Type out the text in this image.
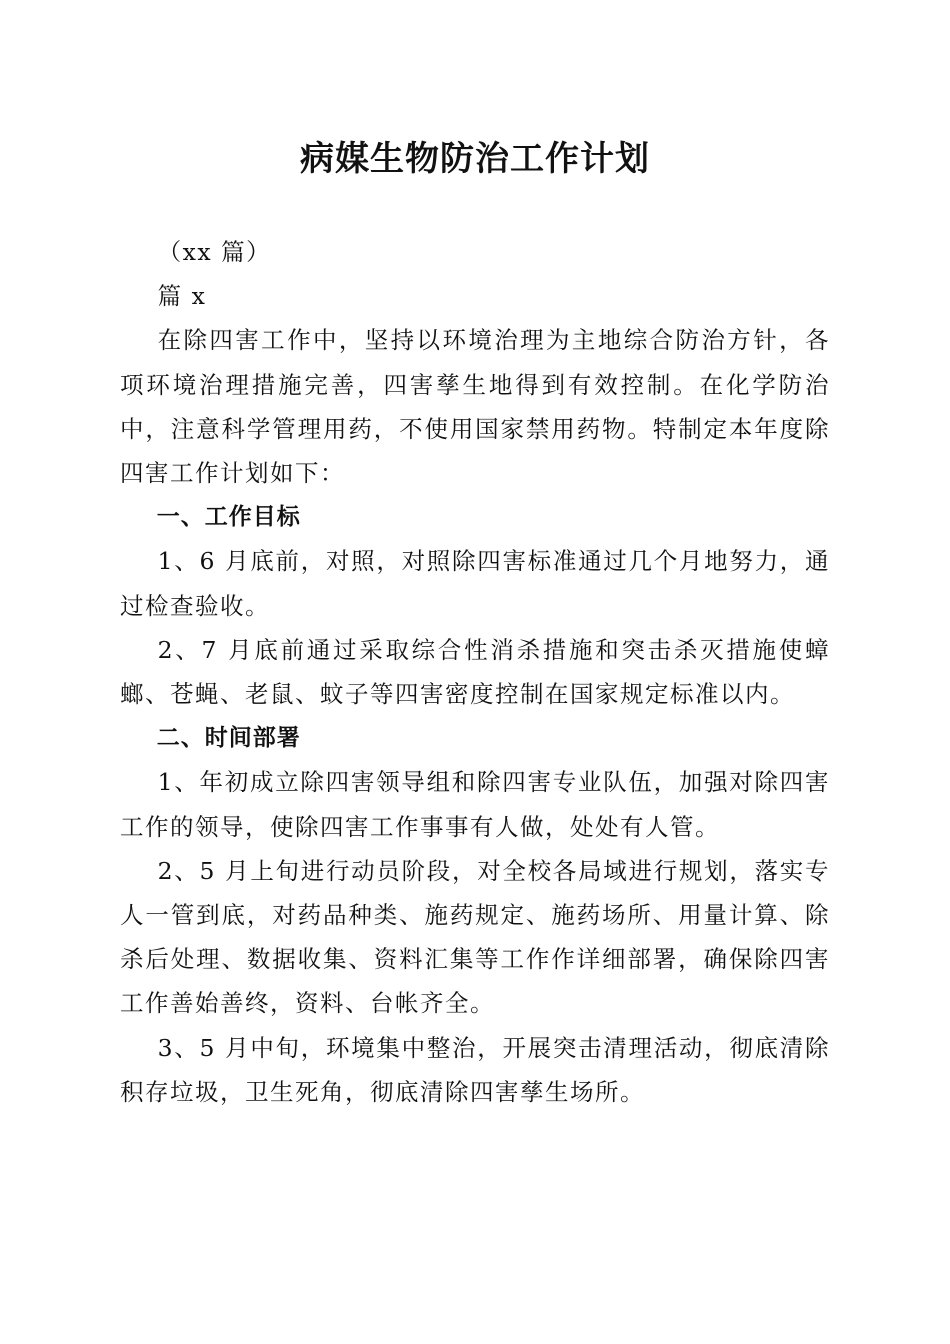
病媒生物防治工作计划

（xx 篇）

篇 x

在除四害工作中，坚持以环境治理为主地综合防治方针，各项环境治理措施完善，四害孳生地得到有效控制。在化学防治中，注意科学管理用药，不使用国家禁用药物。特制定本年度除四害工作计划如下：

一、工作目标

1、6 月底前，对照，对照除四害标准通过几个月地努力，通过检查验收。

2、7 月底前通过采取综合性消杀措施和突击杀灭措施使蟑螂、苍蝇、老鼠、蚊子等四害密度控制在国家规定标准以内。

二、时间部署

1、年初成立除四害领导组和除四害专业队伍，加强对除四害工作的领导，使除四害工作事事有人做，处处有人管。

2、5 月上旬进行动员阶段，对全校各局域进行规划，落实专人一管到底，对药品种类、施药规定、施药场所、用量计算、除杀后处理、数据收集、资料汇集等工作作详细部署，确保除四害工作善始善终，资料、台帐齐全。

3、5 月中旬，环境集中整治，开展突击清理活动，彻底清除积存垃圾，卫生死角，彻底清除四害孳生场所。
